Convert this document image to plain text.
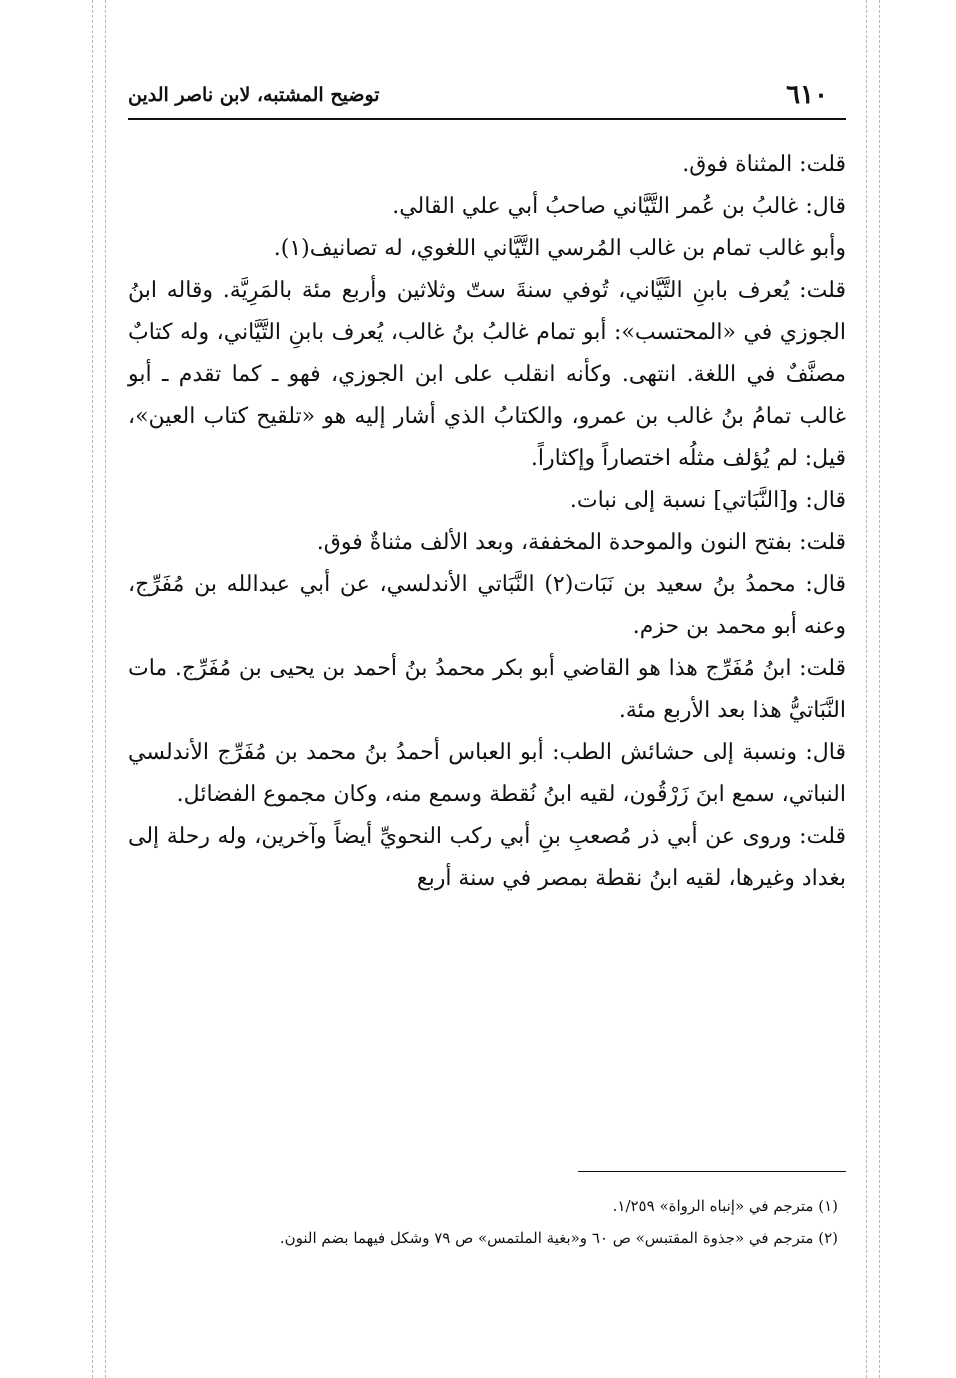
٦١٠
توضيح المشتبه، لابن ناصر الدين

قلت: المثناة فوق.

قال: غالبُ بن عُمر التَّيَّاني صاحبُ أبي علي القالي.

وأبو غالب تمام بن غالب المُرسي التَّيَّاني اللغوي، له تصانيف(١).

قلت: يُعرف بابنِ التَّيَّاني، تُوفي سنةَ ستّ وثلاثين وأربع مئة بالمَرِيَّة. وقاله ابنُ الجوزي في «المحتسب»: أبو تمام غالبُ بنُ غالب، يُعرف بابنِ التَّيَّاني، وله كتابٌ مصنَّفٌ في اللغة. انتهى. وكأنه انقلب على ابن الجوزي، فهو ـ كما تقدم ـ أبو غالب تمامُ بنُ غالب بن عمرو، والكتابُ الذي أشار إليه هو «تلقيح كتاب العين»، قيل: لم يُؤلف مثلُه اختصاراً وإكثاراً.

قال: و[النَّبَاتي] نسبة إلى نبات.

قلت: بفتح النون والموحدة المخففة، وبعد الألف مثناةٌ فوق.

قال: محمدُ بنُ سعيد بن نَبَات(٢) النَّبَاتي الأندلسي، عن أبي عبدالله بن مُفَرِّج، وعنه أبو محمد بن حزم.

قلت: ابنُ مُفَرِّج هذا هو القاضي أبو بكر محمدُ بنُ أحمد بن يحيى بن مُفَرِّج. مات النَّبَاتيُّ هذا بعد الأربع مئة.

قال: ونسبة إلى حشائش الطب: أبو العباس أحمدُ بنُ محمد بن مُفَرِّج الأندلسي النباتي، سمع ابنَ زَرْقُون، لقيه ابنُ نُقطة وسمع منه، وكان مجموع الفضائل.

قلت: وروى عن أبي ذر مُصعبِ بنِ أبي ركب النحويِّ أيضاً وآخرين، وله رحلة إلى بغداد وغيرها، لقيه ابنُ نقطة بمصر في سنة أربع

(١) مترجم في «إنباه الرواة» ١/٢٥٩.

(٢) مترجم في «جذوة المقتبس» ص ٦٠ و«بغية الملتمس» ص ٧٩ وشكل فيهما بضم النون.
